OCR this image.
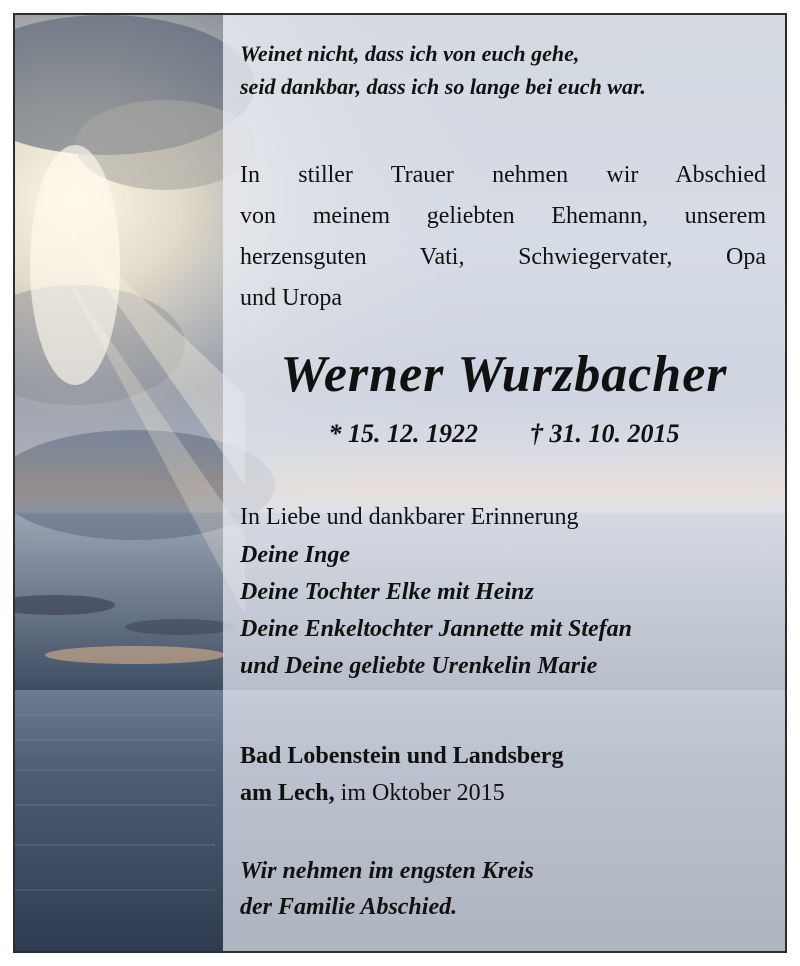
Weinet nicht, dass ich von euch gehe,
seid dankbar, dass ich so lange bei euch war.

In stiller Trauer nehmen wir Abschied
von meinem geliebten Ehemann, unserem
herzensguten Vati, Schwiegervater, Opa
und Uropa

Werner Wurzbacher
* 15. 12. 1922 † 31. 10. 2015

In Liebe und dankbarer Erinnerung

Deine Inge
Deine Tochter Elke mit Heinz
Deine Enkeltochter Jannette mit Stefan
und Deine geliebte Urenkelin Marie

Bad Lobenstein und Landsberg
am Lech, im Oktober 2015

Wir nehmen im engsten Kreis
der Familie Abschied.
